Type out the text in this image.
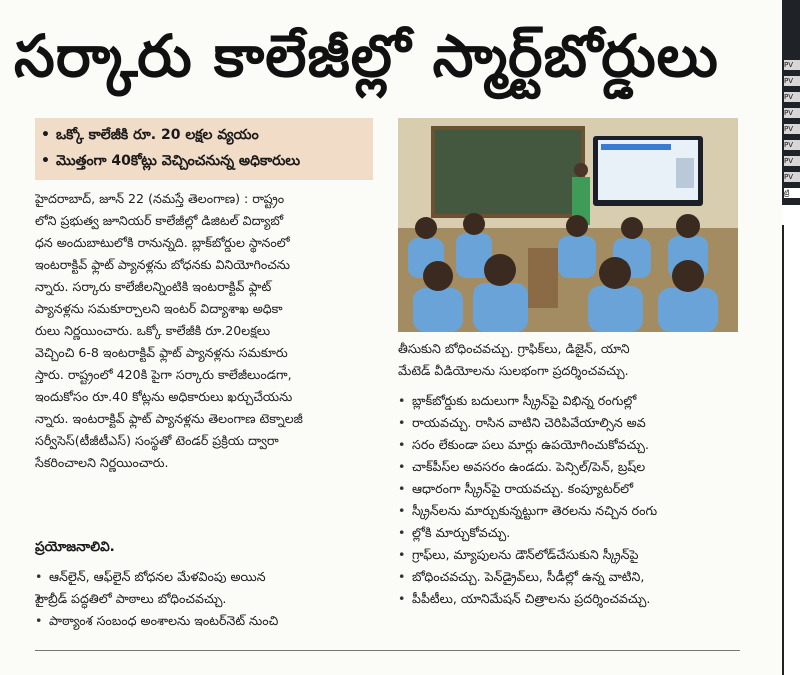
సర్కారు కాలేజీల్లో స్మార్ట్‌బోర్డులు
• ఒక్కో కాలేజీకి రూ. 20 లక్షల వ్యయం
• మొత్తంగా 40కోట్లు వెచ్చించనున్న అధికారులు
హైదరాబాద్, జూన్ 22 (నమస్తే తెలంగాణ) : రాష్ట్రం
లోని ప్రభుత్వ జూనియర్ కాలేజీల్లో డిజిటల్ విద్యాబో
ధన అందుబాటులోకి రానున్నది. బ్లాక్‌బోర్డుల స్థానంలో
ఇంటరాక్టివ్ ఫ్లాట్ ప్యానళ్లను బోధనకు వినియోగించను
న్నారు. సర్కారు కాలేజీలన్నింటికి ఇంటరాక్టివ్ ఫ్లాట్
ప్యానళ్లను సమకూర్చాలని ఇంటర్ విద్యాశాఖ అధికా
రులు నిర్ణయించారు. ఒక్కో కాలేజీకి రూ.20లక్షలు
వెచ్చించి 6-8 ఇంటరాక్టివ్ ఫ్లాట్ ప్యానళ్లను సమకూరు
స్తారు. రాష్ట్రంలో 420కి పైగా సర్కారు కాలేజీలుండగా,
ఇందుకోసం రూ.40 కోట్లను అధికారులు ఖర్చుచేయను
న్నారు. ఇంటరాక్టివ్ ఫ్లాట్ ప్యానళ్లను తెలంగాణ టెక్నాలజీ
సర్వీసెస్(టీజీటీఎస్) సంస్థతో టెండర్ ప్రక్రియ ద్వారా
సేకరించాలని నిర్ణయించారు.
ప్రయోజనాలివి.
• ఆన్‌లైన్, ఆఫ్‌లైన్ బోధనల మేళవింపు అయిన
• హైబ్రీడ్ పద్ధతిలో పాఠాలు బోధించవచ్చు.
• పాఠ్యాంశ సంబంధ అంశాలను ఇంటర్‌నెట్ నుంచి
తీసుకుని బోధించవచ్చు. గ్రాఫిక్‌లు, డిజైన్, యాని
మేటెడ్ వీడియోలను సులభంగా ప్రదర్శించవచ్చు.
• బ్లాక్‌బోర్డుకు బదులుగా స్క్రీన్‌పై విభిన్న రంగుల్లో
• రాయవచ్చు. రాసిన వాటిని చెరిపివేయాల్సిన అవ
• సరం లేకుండా పలు మార్లు ఉపయోగించుకోవచ్చు.
• చాక్‌పీస్‌ల అవసరం ఉండదు. పెన్సిల్/పెన్, బ్రష్‌ల
• ఆధారంగా స్క్రీన్‌పై రాయవచ్చు. కంప్యూటర్‌లో
• స్క్రీన్‌లను మార్చుకున్నట్టుగా తెరలను నచ్చిన రంగు
• ల్లోకి మార్చుకోవచ్చు.
• గ్రాఫ్‌లు, మ్యాపులను డౌన్‌లోడ్‌చేసుకుని స్క్రీన్‌పై
• బోధించవచ్చు. పెన్‌డ్రైవ్‌లు, సీడీల్లో ఉన్న వాటిని,
• పీపీటీలు, యానిమేషన్ చిత్రాలను ప్రదర్శించవచ్చు.
PV
PV
PV
PV
PV
PV
PV
PV
ట్రి
